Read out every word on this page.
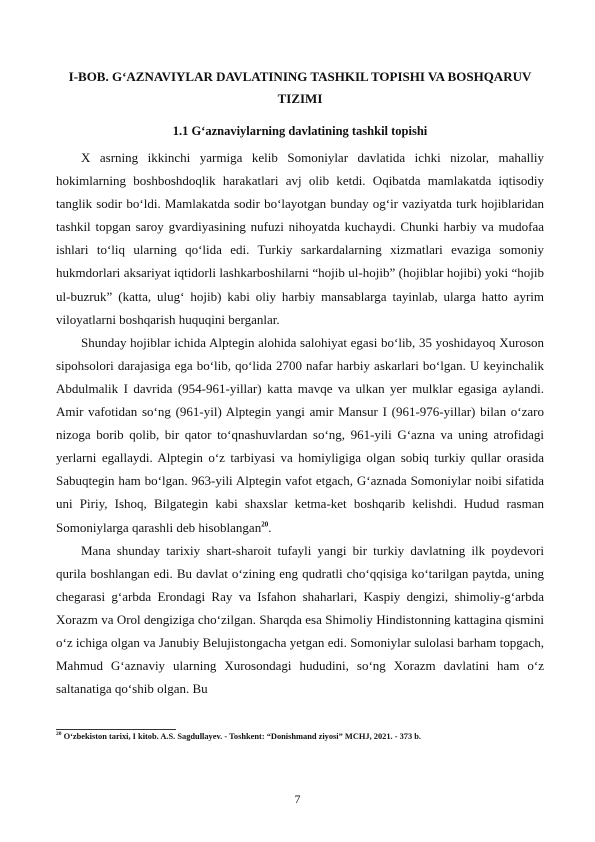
I-BOB. G‘AZNAVIYLAR DAVLATINING TASHKIL TOPISHI VA BOSHQARUV TIZIMI
1.1 G‘aznaviylarning davlatining tashkil topishi

X asrning ikkinchi yarmiga kelib Somoniylar davlatida ichki nizolar, mahalliy hokimlarning boshboshdoqlik harakatlari avj olib ketdi. Oqibatda mamlakatda iqtisodiy tanglik sodir bo‘ldi. Mamlakatda sodir bo‘layotgan bunday og‘ir vaziyatda turk hojiblaridan tashkil topgan saroy gvardiyasining nufuzi nihoyatda kuchaydi. Chunki harbiy va mudofaa ishlari to‘liq ularning qo‘lida edi. Turkiy sarkardalarning xizmatlari evaziga somoniy hukmdorlari aksariyat iqtidorli lashkarboshilarni “hojib ul-hojib” (hojiblar hojibi) yoki “hojib ul-buzruk” (katta, ulug‘ hojib) kabi oliy harbiy mansablarga tayinlab, ularga hatto ayrim viloyatlarni boshqarish huquqini berganlar.

Shunday hojiblar ichida Alptegin alohida salohiyat egasi bo‘lib, 35 yoshidayoq Xuroson sipohsolori darajasiga ega bo‘lib, qo‘lida 2700 nafar harbiy askarlari bo‘lgan. U keyinchalik Abdulmalik I davrida (954-961-yillar) katta mavqe va ulkan yer mulklar egasiga aylandi. Amir vafotidan so‘ng (961-yil) Alptegin yangi amir Mansur I (961-976-yillar) bilan o‘zaro nizoga borib qolib, bir qator to‘qnashuvlardan so‘ng, 961-yili G‘azna va uning atrofidagi yerlarni egallaydi. Alptegin o‘z tarbiyasi va homiyligiga olgan sobiq turkiy qullar orasida Sabuqtegin ham bo‘lgan. 963-yili Alptegin vafot etgach, G‘aznada Somoniylar noibi sifatida uni Piriy, Ishoq, Bilgategin kabi shaxslar ketma-ket boshqarib kelishdi. Hudud rasman Somoniylarga qarashli deb hisoblangan$^{20}$.

Mana shunday tarixiy shart-sharoit tufayli yangi bir turkiy davlatning ilk poydevori qurila boshlangan edi. Bu davlat o‘zining eng qudratli cho‘qqisiga ko‘tarilgan paytda, uning chegarasi g‘arbda Erondagi Ray va Isfahon shaharlari, Kaspiy dengizi, shimoliy-g‘arbda Xorazm va Orol dengiziga cho‘zilgan. Sharqda esa Shimoliy Hindistonning kattagina qismini o‘z ichiga olgan va Janubiy Belujistongacha yetgan edi. Somoniylar sulolasi barham topgach, Mahmud G‘aznaviy ularning Xurosondagi hududini, so‘ng Xorazm davlatini ham o‘z saltanatiga qo‘shib olgan. Bu

$^{20}$ O‘zbekiston tarixi, I kitob. A.S. Sagdullayev. - Toshkent: “Donishmand ziyosi” MCHJ, 2021. - 373 b.
7
